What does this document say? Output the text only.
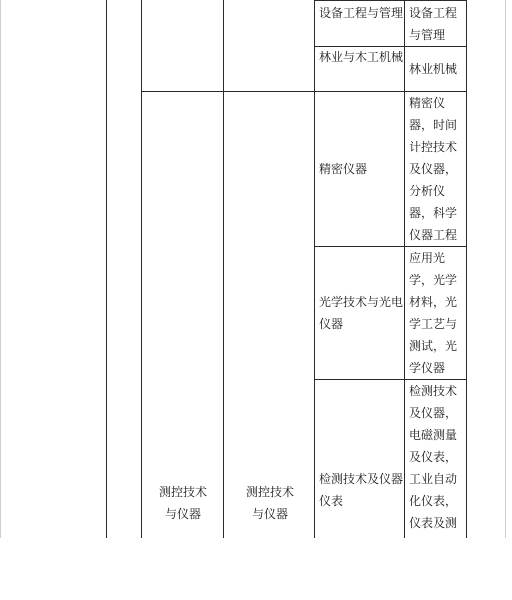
设备工程与管理 设备工程与管理
林业与木工机械
林业机械
测控技术与仪器
测控技术与仪器
精密仪器
精密仪器，时间计控技术及仪器，分析仪器，科学仪器工程
光学技术与光电仪器
应用光学，光学材料，光学工艺与测试，光学仪器
检测技术及仪器仪表
检测技术及仪器，电磁测量及仪表，工业自动化仪表，仪表及测
